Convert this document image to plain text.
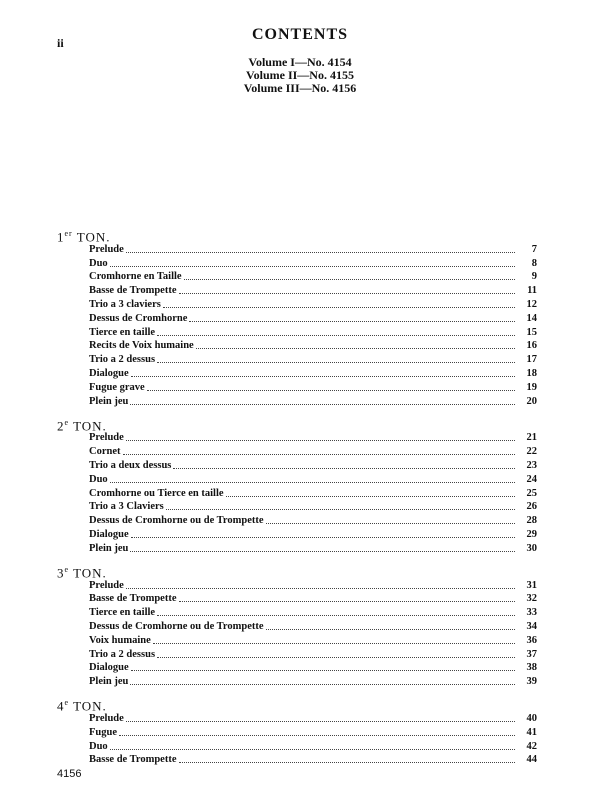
ii	CONTENTS
Volume I—No. 4154
Volume II—No. 4155
Volume III—No. 4156
1er TON.
Prelude	7
Duo	8
Cromhorne en Taille	9
Basse de Trompette	11
Trio a 3 claviers	12
Dessus de Cromhorne	14
Tierce en taille	15
Recits de Voix humaine	16
Trio a 2 dessus	17
Dialogue	18
Fugue grave	19
Plein jeu	20
2e TON.
Prelude	21
Cornet	22
Trio a deux dessus	23
Duo	24
Cromhorne ou Tierce en taille	25
Trio a 3 Claviers	26
Dessus de Cromhorne ou de Trompette	28
Dialogue	29
Plein jeu	30
3e TON.
Prelude	31
Basse de Trompette	32
Tierce en taille	33
Dessus de Cromhorne ou de Trompette	34
Voix humaine	36
Trio a 2 dessus	37
Dialogue	38
Plein jeu	39
4e TON.
Prelude	40
Fugue	41
Duo	42
Basse de Trompette	44
4156
